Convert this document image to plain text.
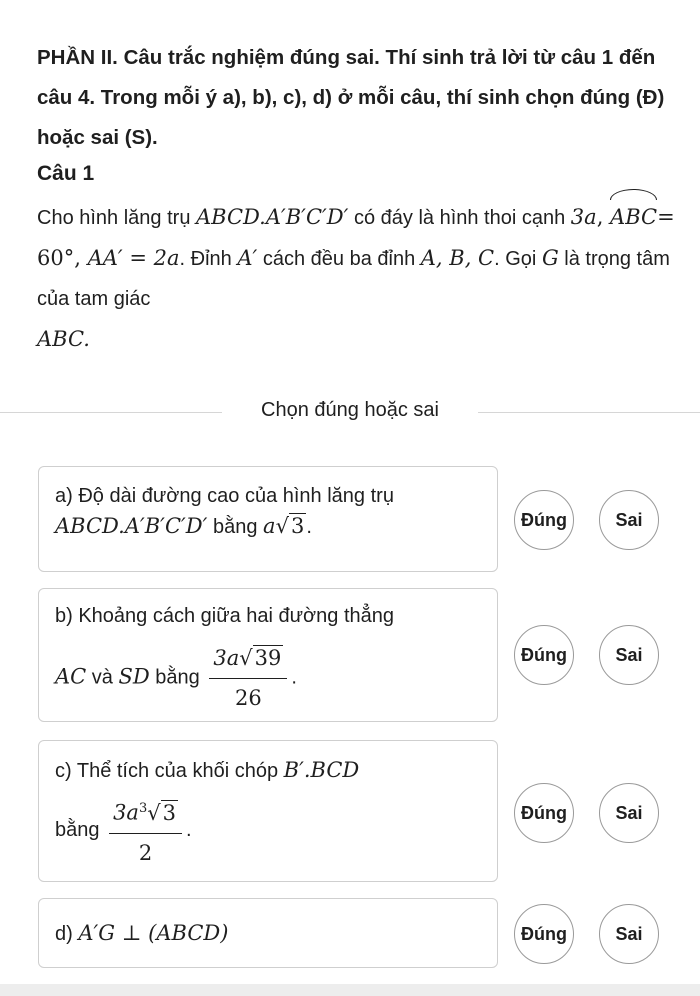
PHẦN II. Câu trắc nghiệm đúng sai. Thí sinh trả lời từ câu 1 đến câu 4. Trong mỗi ý a), b), c), d) ở mỗi câu, thí sinh chọn đúng (Đ) hoặc sai (S).
Câu 1
Cho hình lăng trụ ABCD.A′B′C′D′ có đáy là hình thoi cạnh 3a, ABC= 60°, AA′ = 2a. Đỉnh A′ cách đều ba đỉnh A, B, C. Gọi G là trọng tâm của tam giác
ABC.
Chọn đúng hoặc sai
a) Độ dài đường cao của hình lăng trụ
ABCD.A′B′C′D′ bằng a√3 .	Đúng	Sai
b) Khoảng cách giữa hai đường thẳng
AC và SD bằng $\frac{3a√39}{26}$ .
Đúng	Sai
c) Thể tích của khối chóp B′.BCD
bằng $\frac{3a^3√3}{2}$ .
Đúng	Sai
d) A′G ⊥ (ABCD)	Đúng	Sai
